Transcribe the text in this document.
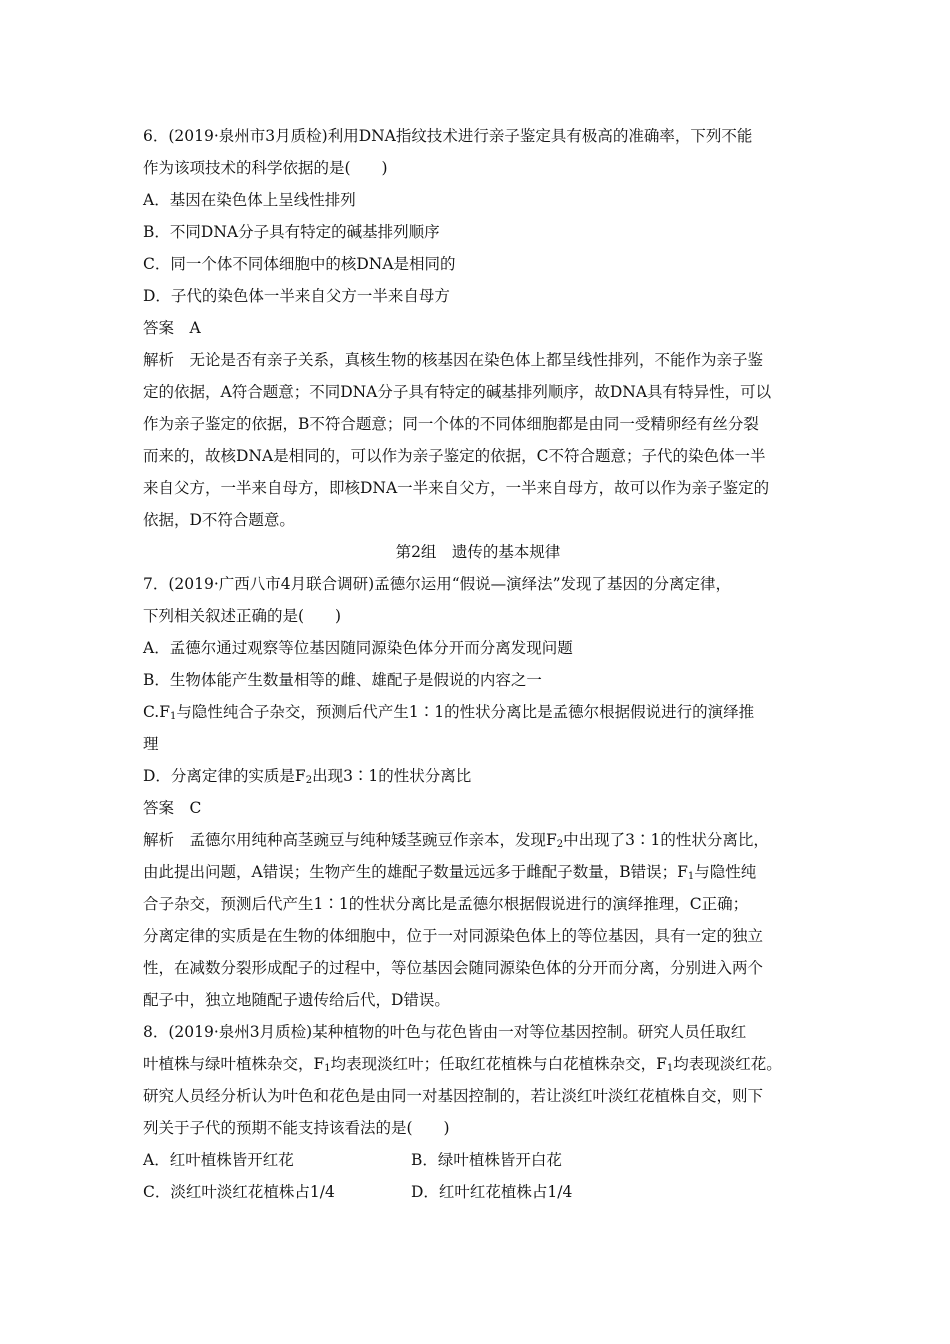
6．(2019·泉州市3月质检)利用DNA指纹技术进行亲子鉴定具有极高的准确率，下列不能
作为该项技术的科学依据的是(　　)
A．基因在染色体上呈线性排列
B．不同DNA分子具有特定的碱基排列顺序
C．同一个体不同体细胞中的核DNA是相同的
D．子代的染色体一半来自父方一半来自母方
答案　A
解析　无论是否有亲子关系，真核生物的核基因在染色体上都呈线性排列，不能作为亲子鉴
定的依据，A符合题意；不同DNA分子具有特定的碱基排列顺序，故DNA具有特异性，可以
作为亲子鉴定的依据，B不符合题意；同一个体的不同体细胞都是由同一受精卵经有丝分裂
而来的，故核DNA是相同的，可以作为亲子鉴定的依据，C不符合题意；子代的染色体一半
来自父方，一半来自母方，即核DNA一半来自父方，一半来自母方，故可以作为亲子鉴定的
依据，D不符合题意。
第2组　遗传的基本规律
7．(2019·广西八市4月联合调研)孟德尔运用“假说—演绎法”发现了基因的分离定律，
下列相关叙述正确的是(　　)
A．孟德尔通过观察等位基因随同源染色体分开而分离发现问题
B．生物体能产生数量相等的雌、雄配子是假说的内容之一
$C.F_1$与隐性纯合子杂交，预测后代产生1∶1的性状分离比是孟德尔根据假说进行的演绎推
理
D．分离定律的实质是$F_2$出现3∶1的性状分离比
答案　C
解析　孟德尔用纯种高茎豌豆与纯种矮茎豌豆作亲本，发现$F_2$中出现了3∶1的性状分离比，
由此提出问题，A错误；生物产生的雄配子数量远远多于雌配子数量，B错误；$F_1$与隐性纯
合子杂交，预测后代产生1∶1的性状分离比是孟德尔根据假说进行的演绎推理，C正确；
分离定律的实质是在生物的体细胞中，位于一对同源染色体上的等位基因，具有一定的独立
性，在减数分裂形成配子的过程中，等位基因会随同源染色体的分开而分离，分别进入两个
配子中，独立地随配子遗传给后代，D错误。
8．(2019·泉州3月质检)某种植物的叶色与花色皆由一对等位基因控制。研究人员任取红
叶植株与绿叶植株杂交，$F_1$均表现淡红叶；任取红花植株与白花植株杂交，$F_1$均表现淡红花。
研究人员经分析认为叶色和花色是由同一对基因控制的，若让淡红叶淡红花植株自交，则下
列关于子代的预期不能支持该看法的是(　　)
A．红叶植株皆开红花	B．绿叶植株皆开白花
C．淡红叶淡红花植株占1/4	D．红叶红花植株占1/4
